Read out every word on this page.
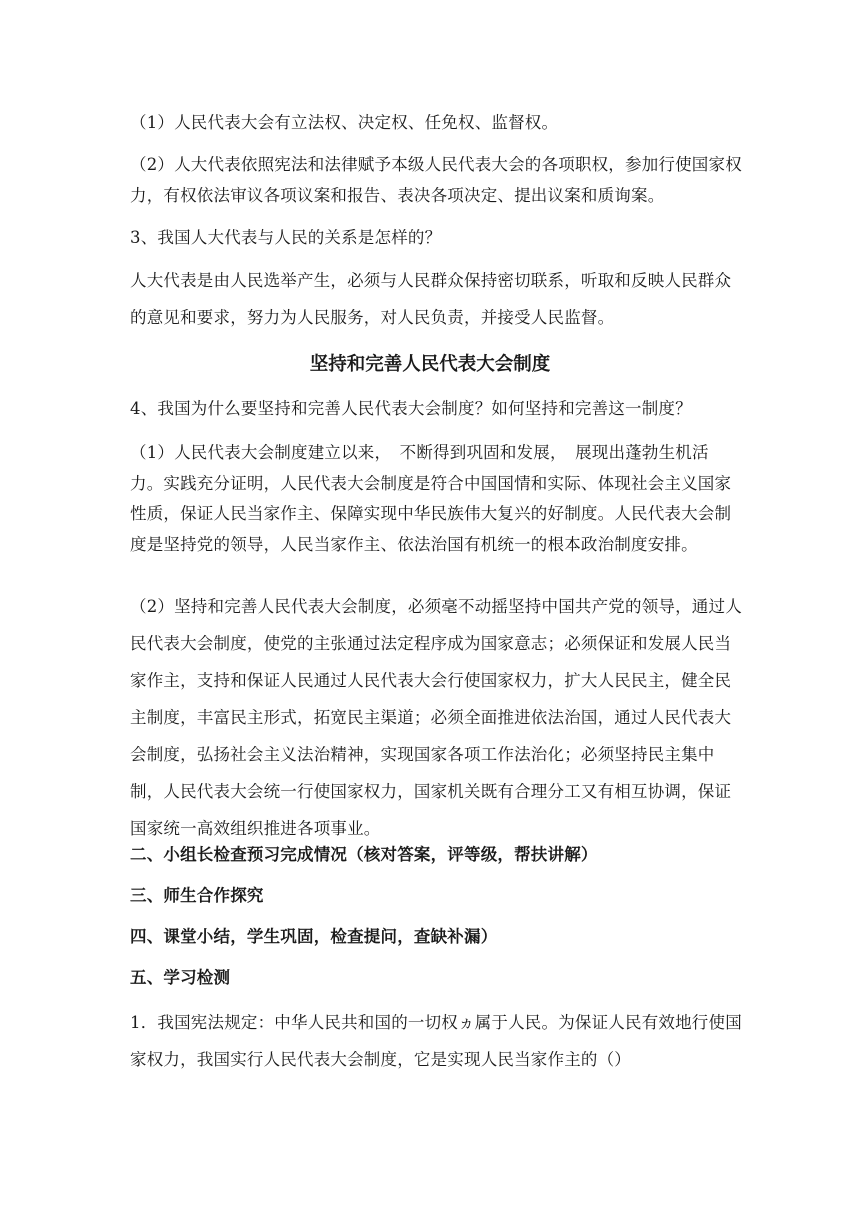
（1）人民代表大会有立法权、决定权、任免权、监督权。

（2）人大代表依照宪法和法律赋予本级人民代表大会的各项职权，参加行使国家权力，有权依法审议各项议案和报告、表决各项决定、提出议案和质询案。

3、我国人大代表与人民的关系是怎样的？

人大代表是由人民选举产生，必须与人民群众保持密切联系，听取和反映人民群众的意见和要求，努力为人民服务，对人民负责，并接受人民监督。

坚持和完善人民代表大会制度

4、我国为什么要坚持和完善人民代表大会制度？如何坚持和完善这一制度？

（1）人民代表大会制度建立以来，　不断得到巩固和发展，　展现出蓬勃生机活力。实践充分证明，人民代表大会制度是符合中国国情和实际、体现社会主义国家性质，保证人民当家作主、保障实现中华民族伟大复兴的好制度。人民代表大会制度是坚持党的领导，人民当家作主、依法治国有机统一的根本政治制度安排。

（2）坚持和完善人民代表大会制度，必须毫不动摇坚持中国共产党的领导，通过人民代表大会制度，使党的主张通过法定程序成为国家意志；必须保证和发展人民当家作主，支持和保证人民通过人民代表大会行使国家权力，扩大人民民主，健全民主制度，丰富民主形式，拓宽民主渠道；必须全面推进依法治国，通过人民代表大会制度，弘扬社会主义法治精神，实现国家各项工作法治化；必须坚持民主集中制，人民代表大会统一行使国家权力，国家机关既有合理分工又有相互协调，保证国家统一高效组织推进各项事业。

二、小组长检查预习完成情况（核对答案，评等级，帮扶讲解）

三、师生合作探究

四、课堂小结，学生巩固，检查提问，查缺补漏）

五、学习检测

1．我国宪法规定：中华人民共和国的一切权ヵ属于人民。为保证人民有效地行使国家权力，我国实行人民代表大会制度，它是实现人民当家作主的（）
